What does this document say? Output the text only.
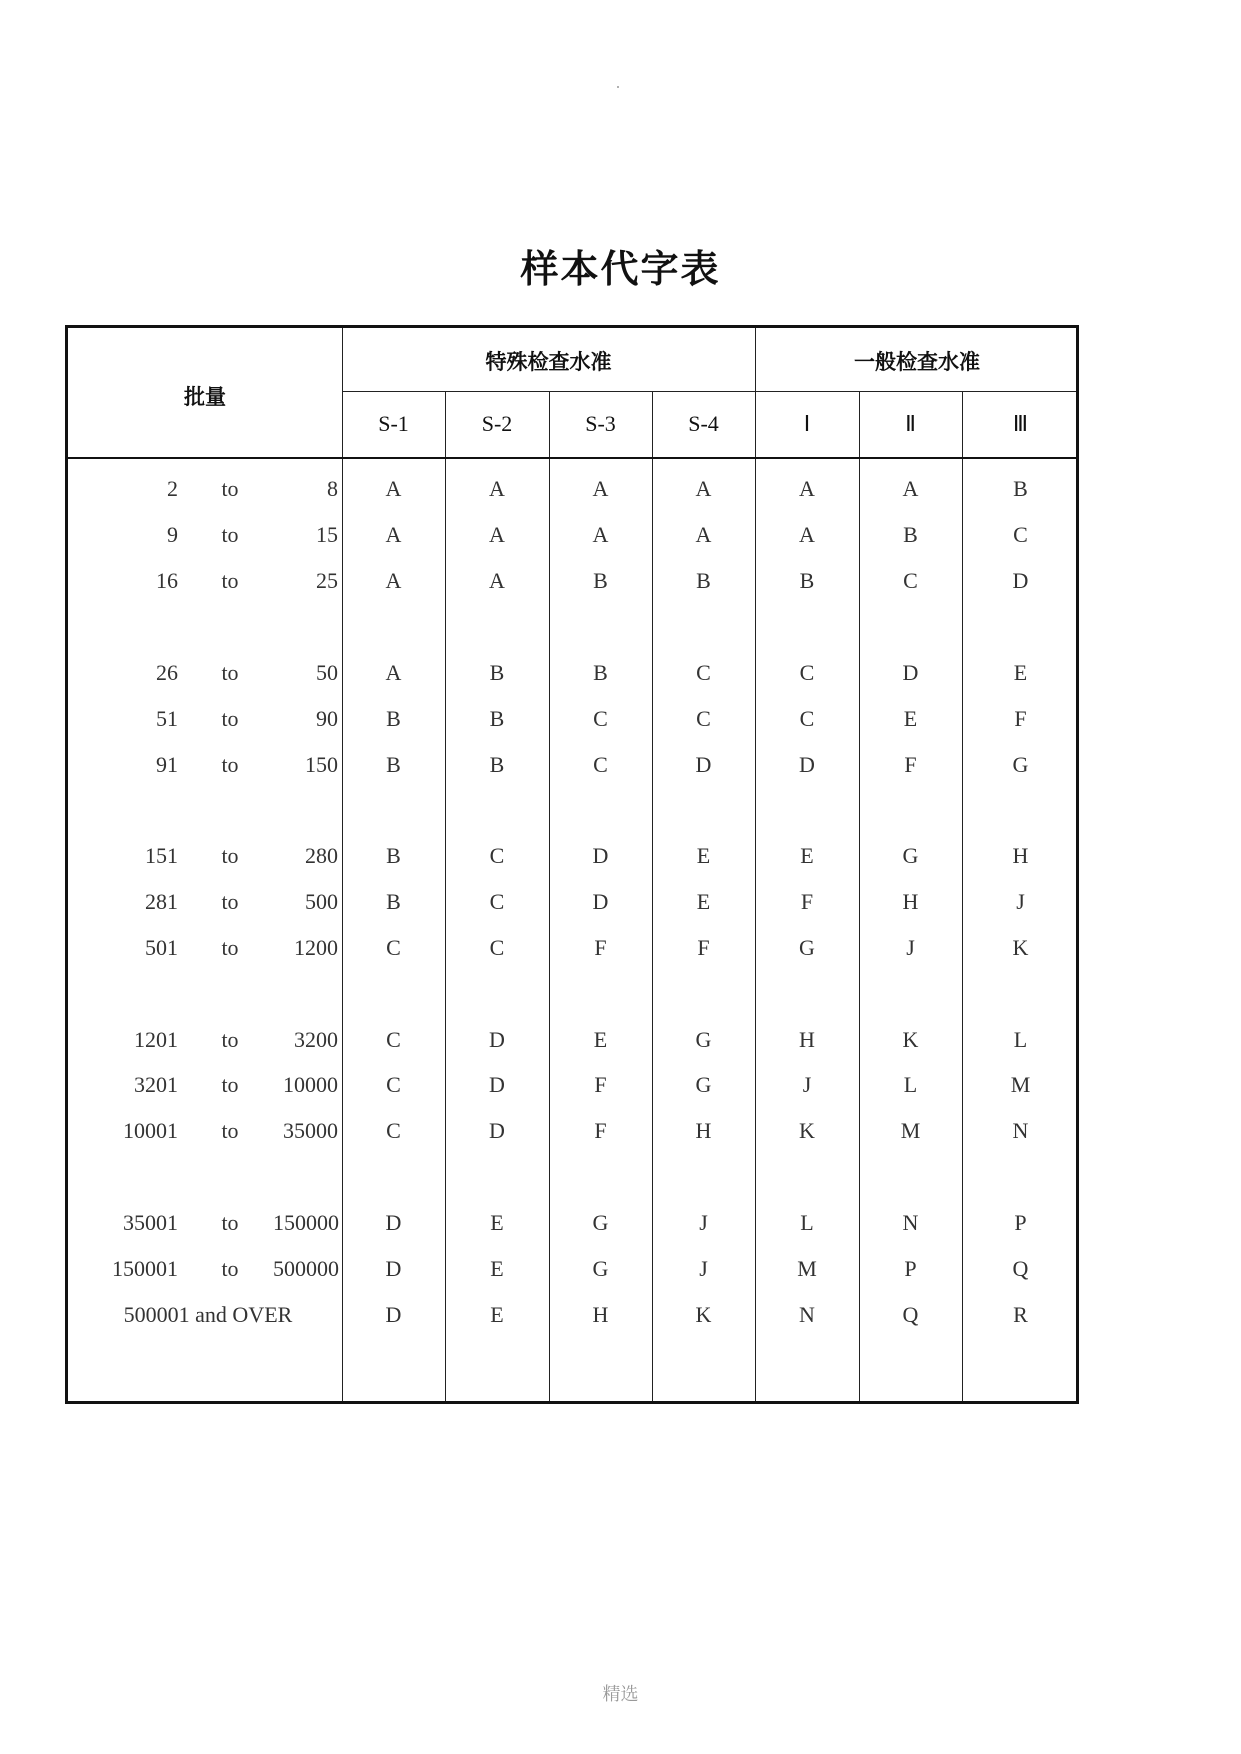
样本代字表
批量
特殊检查水准	一般检查水准
S-1	S-2	S-3	S-4	Ⅰ	Ⅱ	Ⅲ
2 to	8	A	A	A	A	A	A	B
9 to	15	A	A	A	A	A	B	C
16 to	25	A	A	B	B	B	C	D
26 to	50	A	B	B	C	C	D	E
51 to	90	B	B	C	C	C	E	F
91 to	150	B	B	C	D	D	F	G
151 to	280	B	C	D	E	E	G	H
281 to	500	B	C	D	E	F	H	J
501 to	1200	C	C	F	F	G	J	K
1201 to	3200	C	D	E	G	H	K	L
3201 to	10000	C	D	F	G	J	L	M
10001 to	35000	C	D	F	H	K	M	N
35001 to 150000	D	E	G	J	L	N	P
150001 to 500000	D	E	G	J	M	P	Q
500001 and OVER	D	E	H	K	N	Q	R
精选
